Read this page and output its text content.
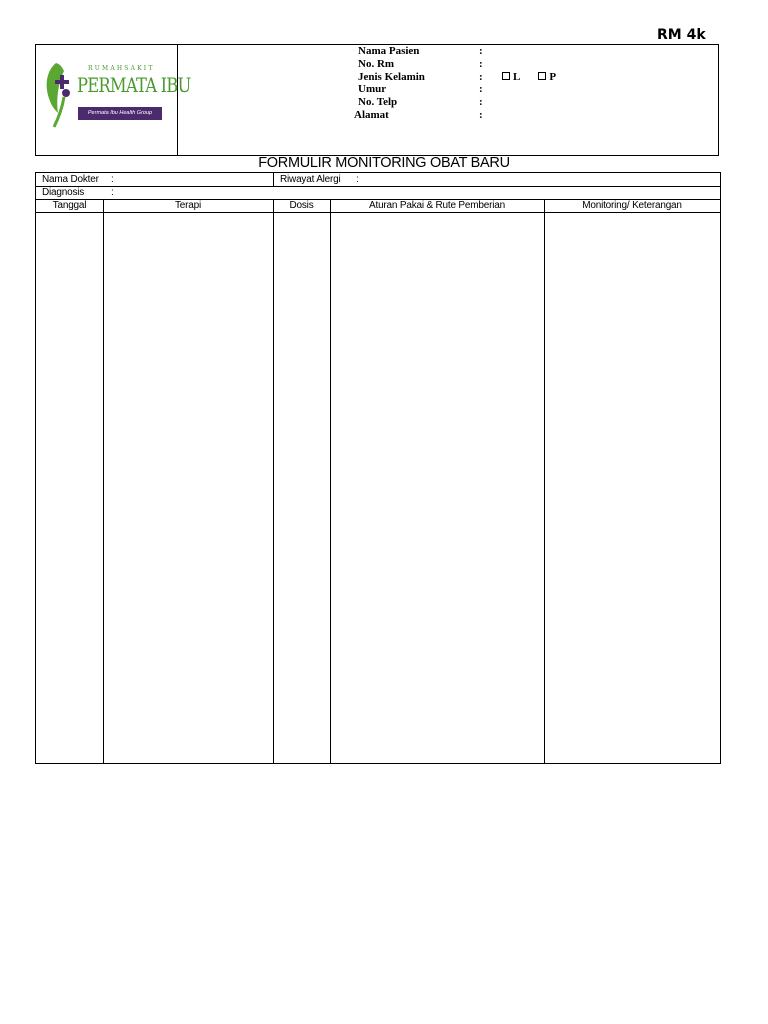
RM 4k
RUMAHSAKIT
PERMATA IBU
Permata Ibu Health Group
Nama Pasien	:
No. Rm	:
Jenis Kelamin	:	L	P
Umur	:
No. Telp	:
Alamat	:
FORMULIR MONITORING OBAT BARU
Nama Dokter :	Riwayat Alergi :
Diagnosis	:
Tanggal	Terapi	Dosis	Aturan Pakai & Rute Pemberian	Monitoring/ Keterangan
